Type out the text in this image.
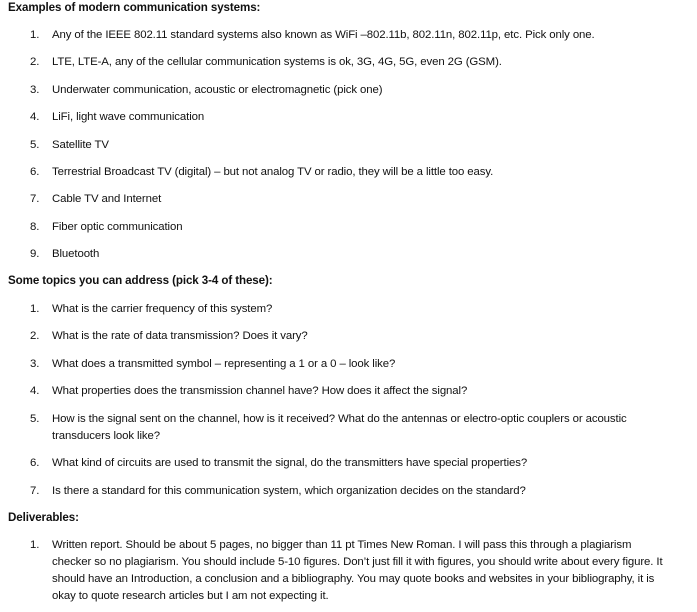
Examples of modern communication systems:
1.	Any of the IEEE 802.11 standard systems also known as WiFi –802.11b, 802.11n, 802.11p, etc. Pick only one.
2.	LTE, LTE-A, any of the cellular communication systems is ok, 3G, 4G, 5G, even 2G (GSM).
3.	Underwater communication, acoustic or electromagnetic (pick one)
4.	LiFi, light wave communication
5.	Satellite TV
6.	Terrestrial Broadcast TV (digital) – but not analog TV or radio, they will be a little too easy.
7.	Cable TV and Internet
8.	Fiber optic communication
9.	Bluetooth
Some topics you can address (pick 3-4 of these):
1.	What is the carrier frequency of this system?
2.	What is the rate of data transmission? Does it vary?
3.	What does a transmitted symbol – representing a 1 or a 0 – look like?
4.	What properties does the transmission channel have? How does it affect the signal?
5.	How is the signal sent on the channel, how is it received? What do the antennas or electro-optic couplers or acoustic transducers look like?
6.	What kind of circuits are used to transmit the signal, do the transmitters have special properties?
7.	Is there a standard for this communication system, which organization decides on the standard?
Deliverables:
1.	Written report. Should be about 5 pages, no bigger than 11 pt Times New Roman. I will pass this through a plagiarism checker so no plagiarism. You should include 5-10 figures. Don’t just fill it with figures, you should write about every figure. It should have an Introduction, a conclusion and a bibliography. You may quote books and websites in your bibliography, it is okay to quote research articles but I am not expecting it.
